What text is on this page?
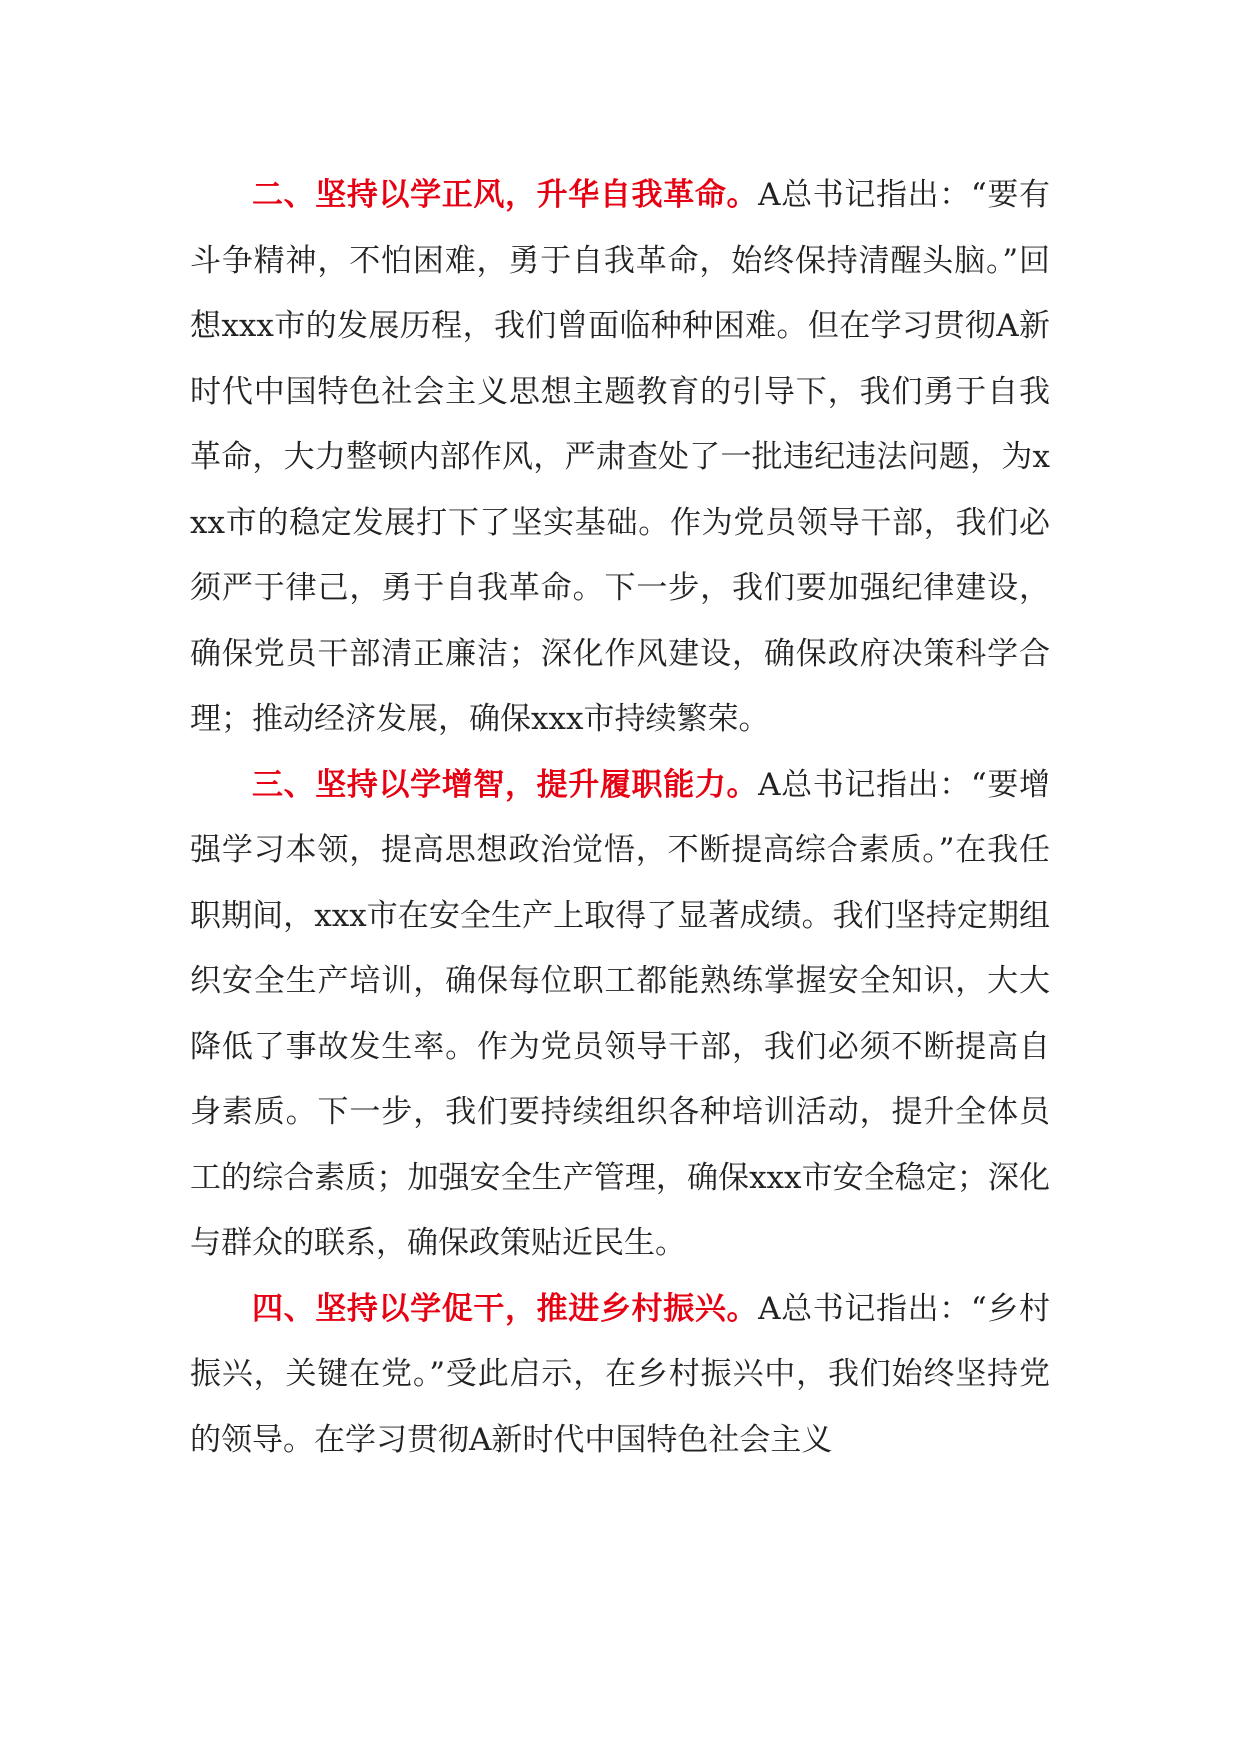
二、坚持以学正风，升华自我革命。A总书记指出：“要有斗争精神，不怕困难，勇于自我革命，始终保持清醒头脑。”回想xxx市的发展历程，我们曾面临种种困难。但在学习贯彻A新时代中国特色社会主义思想主题教育的引导下，我们勇于自我革命，大力整顿内部作风，严肃查处了一批违纪违法问题，为xxx市的稳定发展打下了坚实基础。作为党员领导干部，我们必须严于律己，勇于自我革命。下一步，我们要加强纪律建设，确保党员干部清正廉洁；深化作风建设，确保政府决策科学合理；推动经济发展，确保xxx市持续繁荣。

三、坚持以学增智，提升履职能力。A总书记指出：“要增强学习本领，提高思想政治觉悟，不断提高综合素质。”在我任职期间，xxx市在安全生产上取得了显著成绩。我们坚持定期组织安全生产培训，确保每位职工都能熟练掌握安全知识，大大降低了事故发生率。作为党员领导干部，我们必须不断提高自身素质。下一步，我们要持续组织各种培训活动，提升全体员工的综合素质；加强安全生产管理，确保xxx市安全稳定；深化与群众的联系，确保政策贴近民生。

四、坚持以学促干，推进乡村振兴。A总书记指出：“乡村振兴，关键在党。”受此启示，在乡村振兴中，我们始终坚持党的领导。在学习贯彻A新时代中国特色社会主义
